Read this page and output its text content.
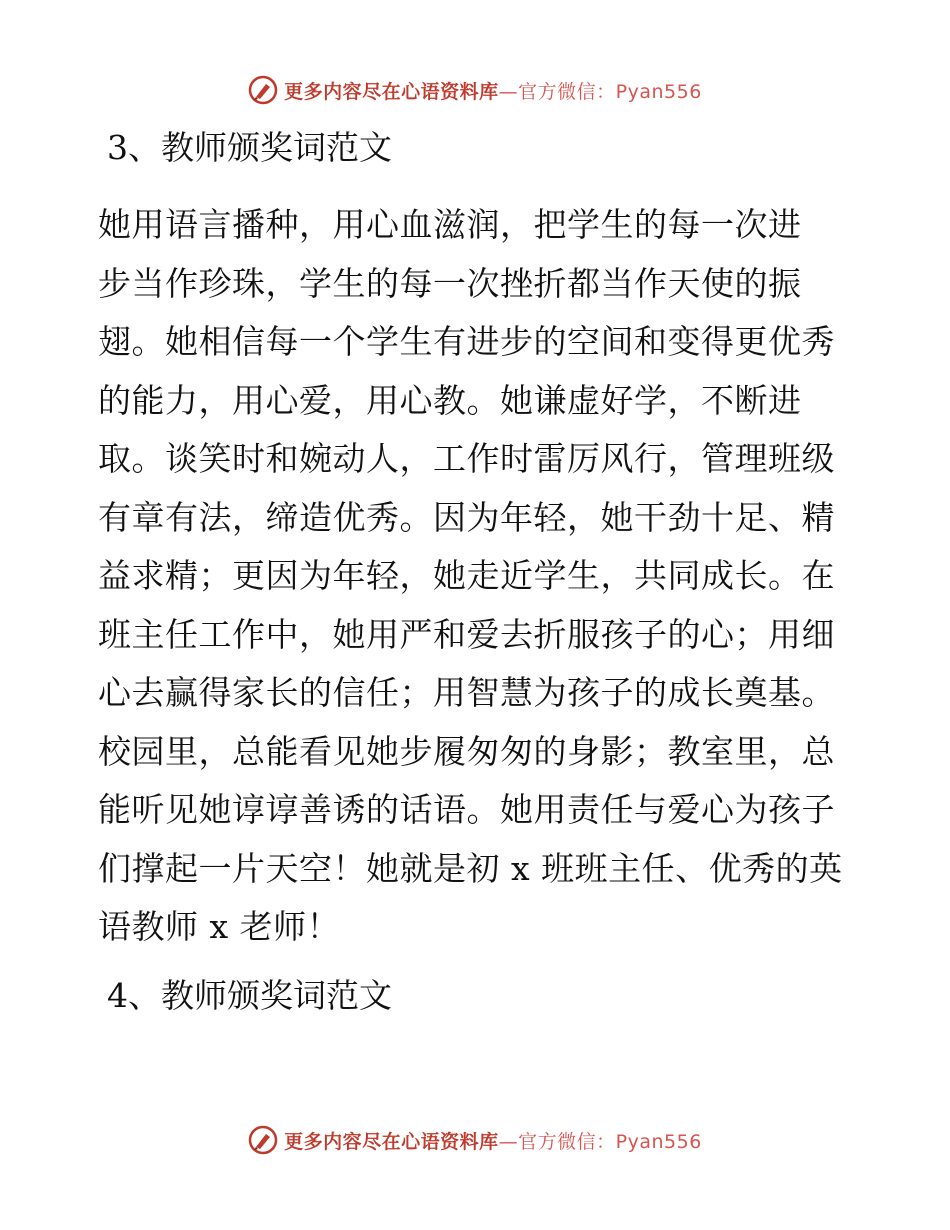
更多内容尽在心语资料库—官方微信：Pyan556
3、教师颁奖词范文
她用语言播种，用心血滋润，把学生的每一次进
步当作珍珠，学生的每一次挫折都当作天使的振
翅。她相信每一个学生有进步的空间和变得更优秀
的能力，用心爱，用心教。她谦虚好学，不断进
取。谈笑时和婉动人，工作时雷厉风行，管理班级
有章有法，缔造优秀。因为年轻，她干劲十足、精
益求精；更因为年轻，她走近学生，共同成长。在
班主任工作中，她用严和爱去折服孩子的心；用细
心去赢得家长的信任；用智慧为孩子的成长奠基。
校园里，总能看见她步履匆匆的身影；教室里，总
能听见她谆谆善诱的话语。她用责任与爱心为孩子
们撑起一片天空！她就是初 x 班班主任、优秀的英
语教师 x 老师！
4、教师颁奖词范文
更多内容尽在心语资料库—官方微信：Pyan556
